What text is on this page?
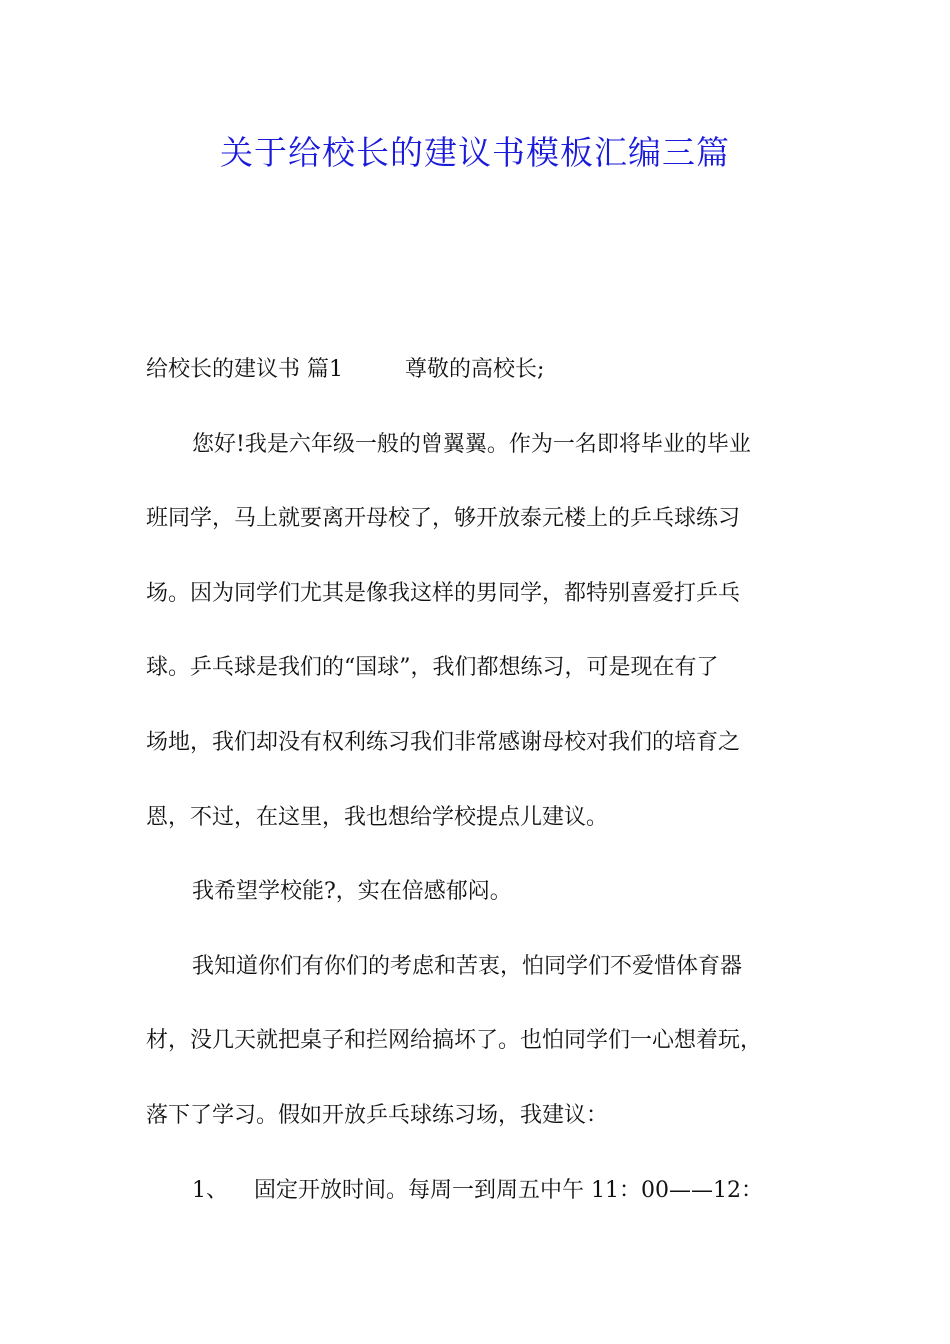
关于给校长的建议书模板汇编三篇
给校长的建议书 篇1	尊敬的高校长;
您好!我是六年级一般的曾翼翼。作为一名即将毕业的毕业
班同学，马上就要离开母校了，够开放泰元楼上的乒乓球练习
场。因为同学们尤其是像我这样的男同学，都特别喜爱打乒乓
球。乒乓球是我们的“国球”，我们都想练习，可是现在有了
场地，我们却没有权利练习我们非常感谢母校对我们的培育之
恩，不过，在这里，我也想给学校提点儿建议。
我希望学校能?，实在倍感郁闷。
我知道你们有你们的考虑和苦衷，怕同学们不爱惜体育器
材，没几天就把桌子和拦网给搞坏了。也怕同学们一心想着玩，
落下了学习。假如开放乒乓球练习场，我建议：
1、 固定开放时间。每周一到周五中午 11：00——12：
